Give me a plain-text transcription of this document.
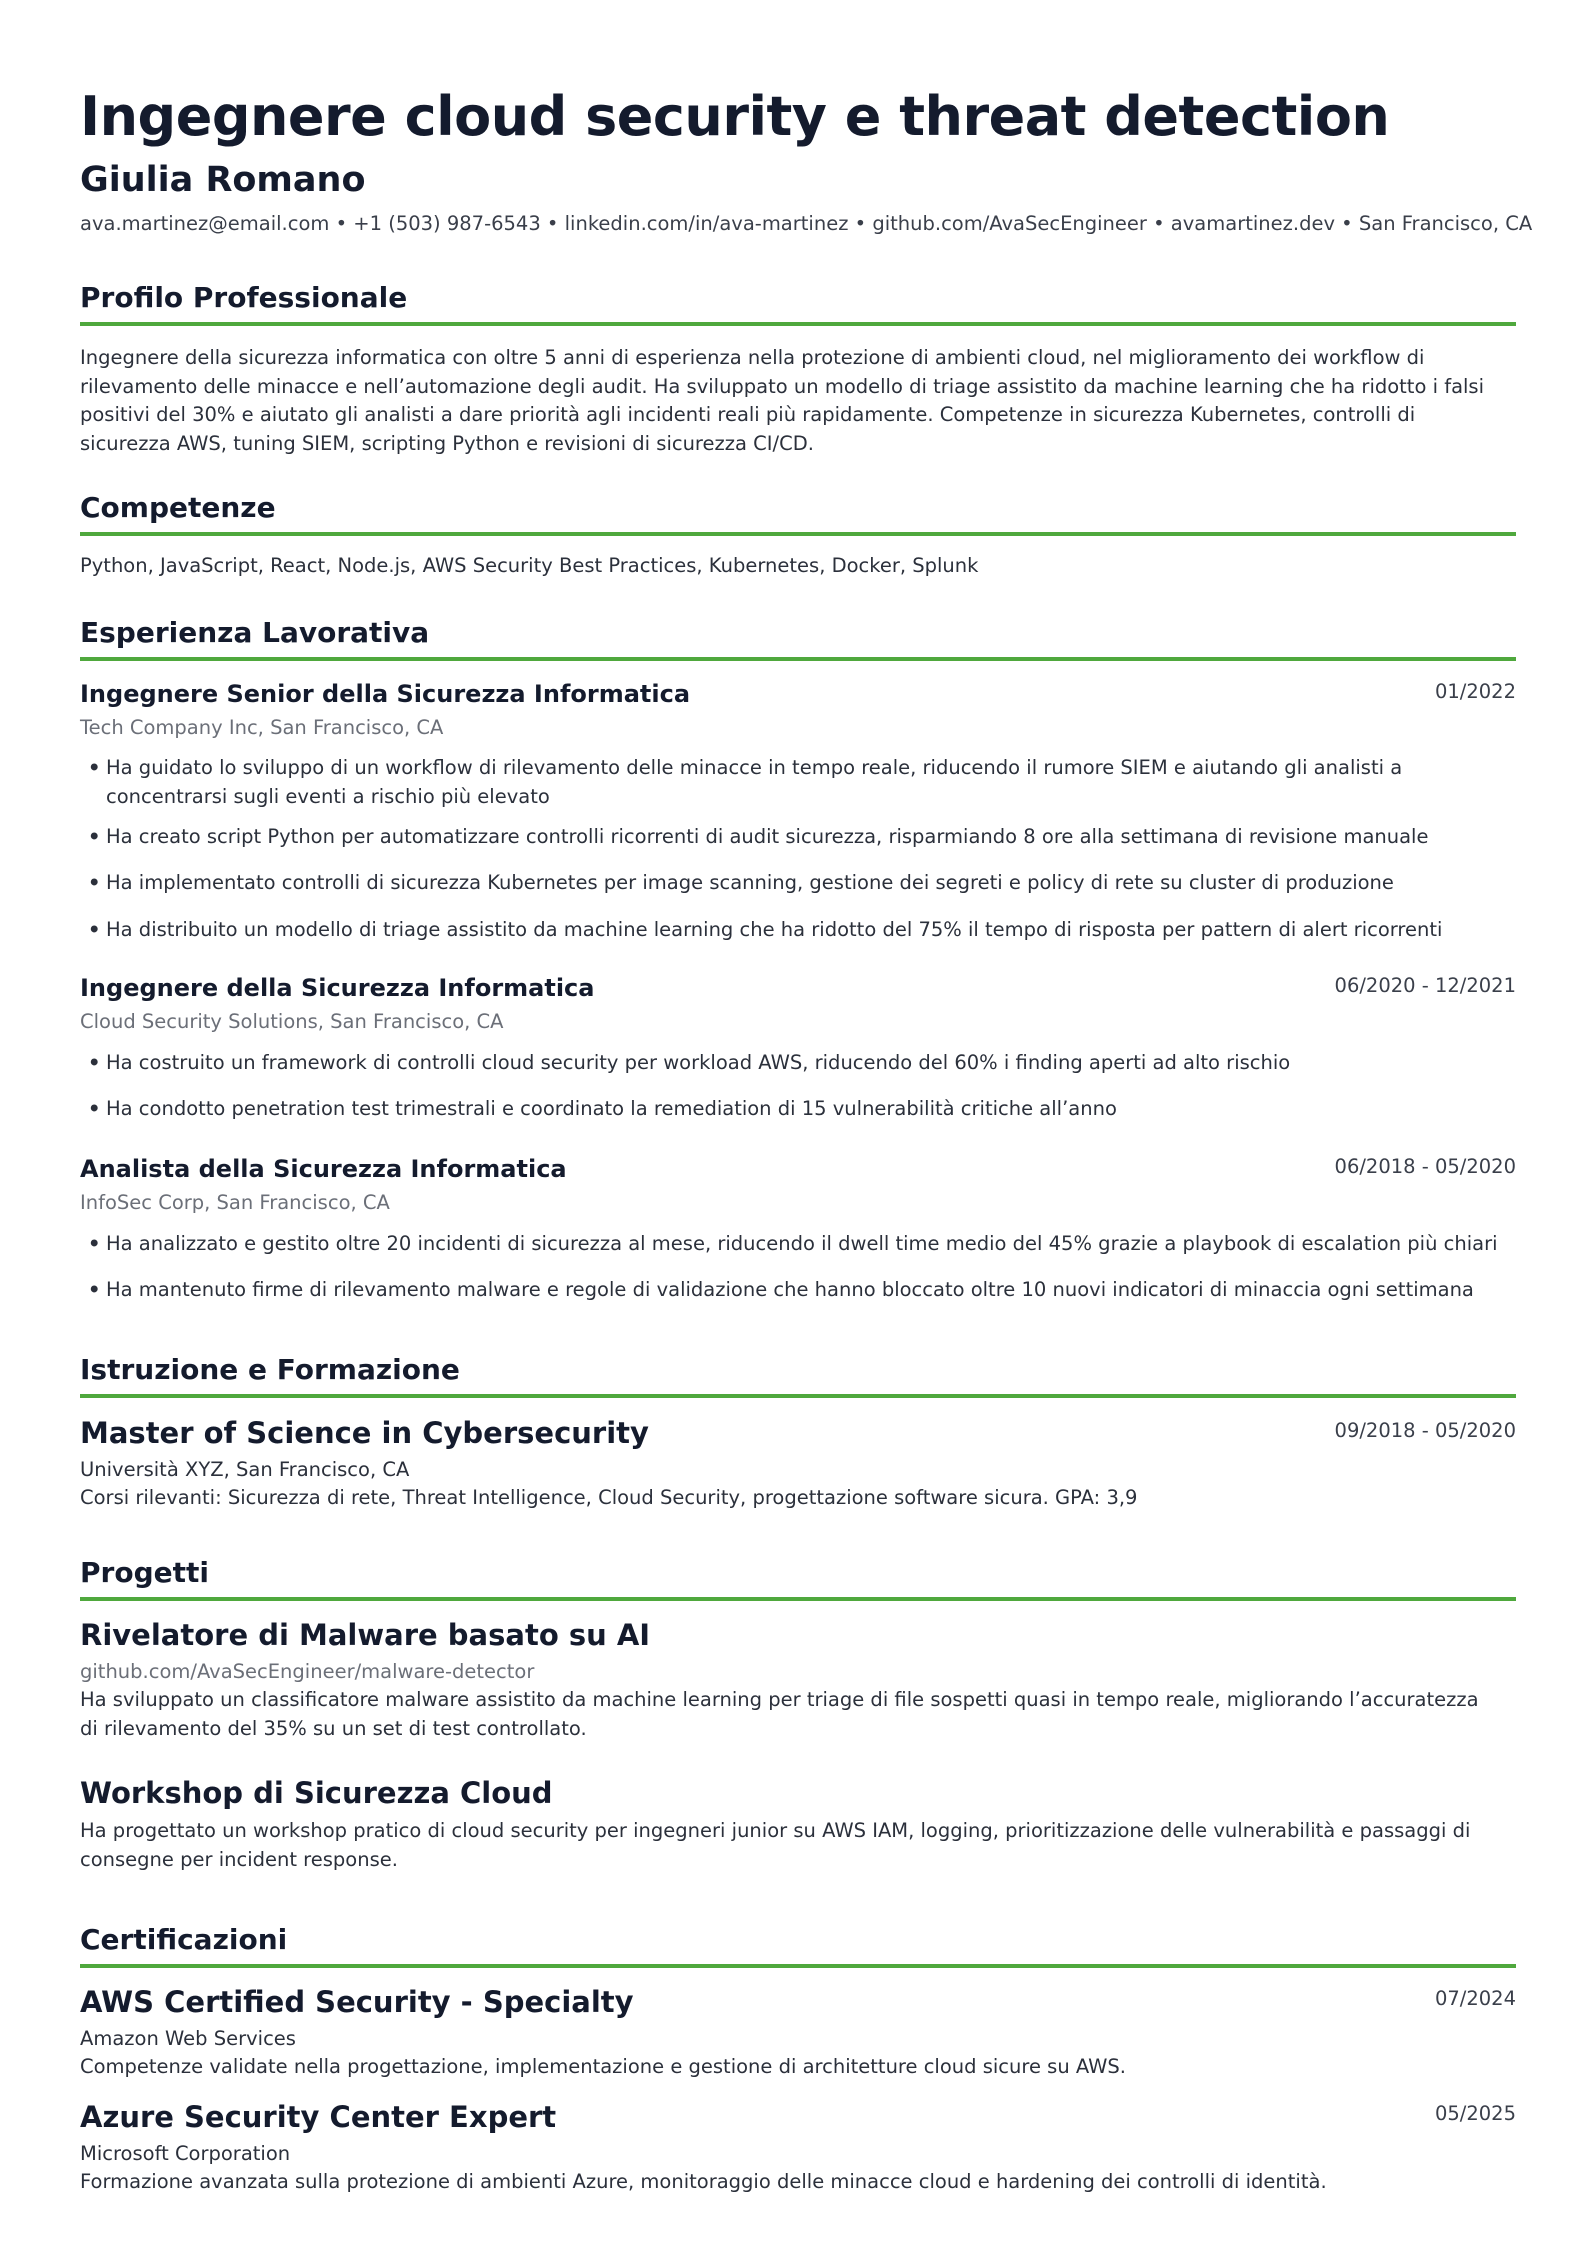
Ingegnere cloud security e threat detection
Giulia Romano
ava.martinez@email.com • +1 (503) 987-6543 • linkedin.com/in/ava-martinez • github.com/AvaSecEngineer • avamartinez.dev • San Francisco, CA
Profilo Professionale
Ingegnere della sicurezza informatica con oltre 5 anni di esperienza nella protezione di ambienti cloud, nel miglioramento dei workflow di rilevamento delle minacce e nell’automazione degli audit. Ha sviluppato un modello di triage assistito da machine learning che ha ridotto i falsi positivi del 30% e aiutato gli analisti a dare priorità agli incidenti reali più rapidamente. Competenze in sicurezza Kubernetes, controlli di sicurezza AWS, tuning SIEM, scripting Python e revisioni di sicurezza CI/CD.
Competenze
Python, JavaScript, React, Node.js, AWS Security Best Practices, Kubernetes, Docker, Splunk
Esperienza Lavorativa
Ingegnere Senior della Sicurezza Informatica	01/2022
Tech Company Inc, San Francisco, CA
• Ha guidato lo sviluppo di un workflow di rilevamento delle minacce in tempo reale, riducendo il rumore SIEM e aiutando gli analisti a concentrarsi sugli eventi a rischio più elevato
• Ha creato script Python per automatizzare controlli ricorrenti di audit sicurezza, risparmiando 8 ore alla settimana di revisione manuale
• Ha implementato controlli di sicurezza Kubernetes per image scanning, gestione dei segreti e policy di rete su cluster di produzione
• Ha distribuito un modello di triage assistito da machine learning che ha ridotto del 75% il tempo di risposta per pattern di alert ricorrenti
Ingegnere della Sicurezza Informatica	06/2020 - 12/2021
Cloud Security Solutions, San Francisco, CA
• Ha costruito un framework di controlli cloud security per workload AWS, riducendo del 60% i finding aperti ad alto rischio
• Ha condotto penetration test trimestrali e coordinato la remediation di 15 vulnerabilità critiche all’anno
Analista della Sicurezza Informatica	06/2018 - 05/2020
InfoSec Corp, San Francisco, CA
• Ha analizzato e gestito oltre 20 incidenti di sicurezza al mese, riducendo il dwell time medio del 45% grazie a playbook di escalation più chiari
• Ha mantenuto firme di rilevamento malware e regole di validazione che hanno bloccato oltre 10 nuovi indicatori di minaccia ogni settimana
Istruzione e Formazione
Master of Science in Cybersecurity	09/2018 - 05/2020
Università XYZ, San Francisco, CA
Corsi rilevanti: Sicurezza di rete, Threat Intelligence, Cloud Security, progettazione software sicura. GPA: 3,9
Progetti
Rivelatore di Malware basato su AI
github.com/AvaSecEngineer/malware-detector
Ha sviluppato un classificatore malware assistito da machine learning per triage di file sospetti quasi in tempo reale, migliorando l’accuratezza di rilevamento del 35% su un set di test controllato.
Workshop di Sicurezza Cloud
Ha progettato un workshop pratico di cloud security per ingegneri junior su AWS IAM, logging, prioritizzazione delle vulnerabilità e passaggi di consegne per incident response.
Certificazioni
AWS Certified Security - Specialty	07/2024
Amazon Web Services
Competenze validate nella progettazione, implementazione e gestione di architetture cloud sicure su AWS.
Azure Security Center Expert	05/2025
Microsoft Corporation
Formazione avanzata sulla protezione di ambienti Azure, monitoraggio delle minacce cloud e hardening dei controlli di identità.
